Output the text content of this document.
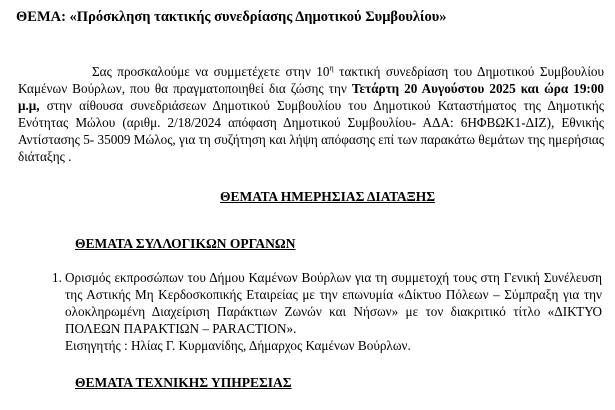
ΘΕΜΑ: «Πρόσκληση τακτικής συνεδρίασης Δημοτικού Συμβουλίου»

Σας προσκαλούμε να συμμετέχετε στην $10^\eta$ τακτική συνεδρίαση του Δημοτικού Συμβουλίου Καμένων Βούρλων, που θα πραγματοποιηθεί δια ζώσης την Τετάρτη 20 Αυγούστου 2025 και ώρα 19:00 μ.μ, στην αίθουσα συνεδριάσεων Δημοτικού Συμβουλίου του Δημοτικού Καταστήματος της Δημοτικής Ενότητας Μώλου (αριθμ. 2/18/2024 απόφαση Δημοτικού Συμβουλίου- ΑΔΑ: 6ΗΦΒΩΚ1-ΔΙΖ), Εθνικής Αντίστασης 5- 35009 Μώλος, για τη συζήτηση και λήψη απόφασης επί των παρακάτω θεμάτων της ημερήσιας διάταξης .

ΘΕΜΑΤΑ ΗΜΕΡΗΣΙΑΣ ΔΙΑΤΑΞΗΣ
ΘΕΜΑΤΑ ΣΥΛΛΟΓΙΚΩΝ ΟΡΓΑΝΩΝ
1. Ορισμός εκπροσώπων του Δήμου Καμένων Βούρλων για τη συμμετοχή τους στη Γενική Συνέλευση της Αστικής Μη Κερδοσκοπικής Εταιρείας με την επωνυμία «Δίκτυο Πόλεων – Σύμπραξη για την ολοκληρωμένη Διαχείριση Παράκτιων Ζωνών και Νήσων» με τον διακριτικό τίτλο «ΔΙΚΤΥΟ ΠΟΛΕΩΝ ΠΑΡΑΚΤΙΩΝ – PARACTION».
Εισηγητής : Ηλίας Γ. Κυρμανίδης, Δήμαρχος Καμένων Βούρλων.
ΘΕΜΑΤΑ ΤΕΧΝΙΚΗΣ ΥΠΗΡΕΣΙΑΣ
